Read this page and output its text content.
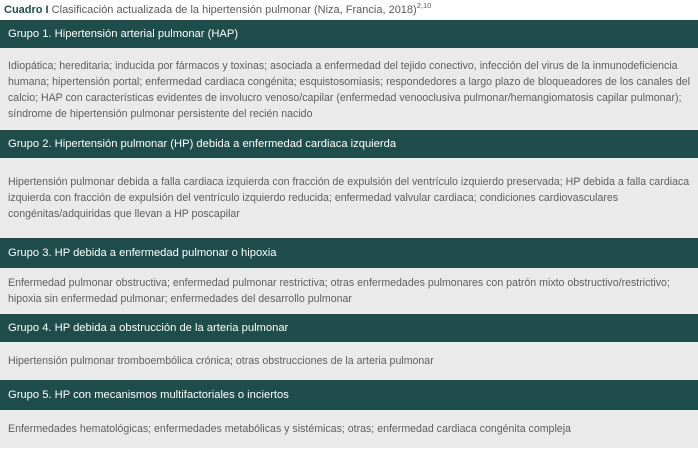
Cuadro I Clasificación actualizada de la hipertensión pulmonar (Niza, Francia, 2018)$^{2,10}$
Grupo 1. Hipertensión arterial pulmonar (HAP)
Idiopática; hereditaria; inducida por fármacos y toxinas; asociada a enfermedad del tejido conectivo, infección del virus de la inmunodeficiencia humana; hipertensión portal; enfermedad cardiaca congénita; esquistosomiasis; respondedores a largo plazo de bloqueadores de los canales del calcio; HAP con características evidentes de involucro venoso/capilar (enfermedad venooclusiva pulmonar/hemangiomatosis capilar pulmonar); síndrome de hipertensión pulmonar persistente del recién nacido
Grupo 2. Hipertensión pulmonar (HP) debida a enfermedad cardiaca izquierda
Hipertensión pulmonar debida a falla cardiaca izquierda con fracción de expulsión del ventrículo izquierdo preservada; HP debida a falla cardiaca izquierda con fracción de expulsión del ventrículo izquierdo reducida; enfermedad valvular cardiaca; condiciones cardiovasculares congénitas/adquiridas que llevan a HP poscapilar
Grupo 3. HP debida a enfermedad pulmonar o hipoxia
Enfermedad pulmonar obstructiva; enfermedad pulmonar restrictiva; otras enfermedades pulmonares con patrón mixto obstructivo/restrictivo; hipoxia sin enfermedad pulmonar; enfermedades del desarrollo pulmonar
Grupo 4. HP debida a obstrucción de la arteria pulmonar
Hipertensión pulmonar tromboembólica crónica; otras obstrucciones de la arteria pulmonar
Grupo 5. HP con mecanismos multifactoriales o inciertos
Enfermedades hematológicas; enfermedades metabólicas y sistémicas; otras; enfermedad cardiaca congénita compleja
